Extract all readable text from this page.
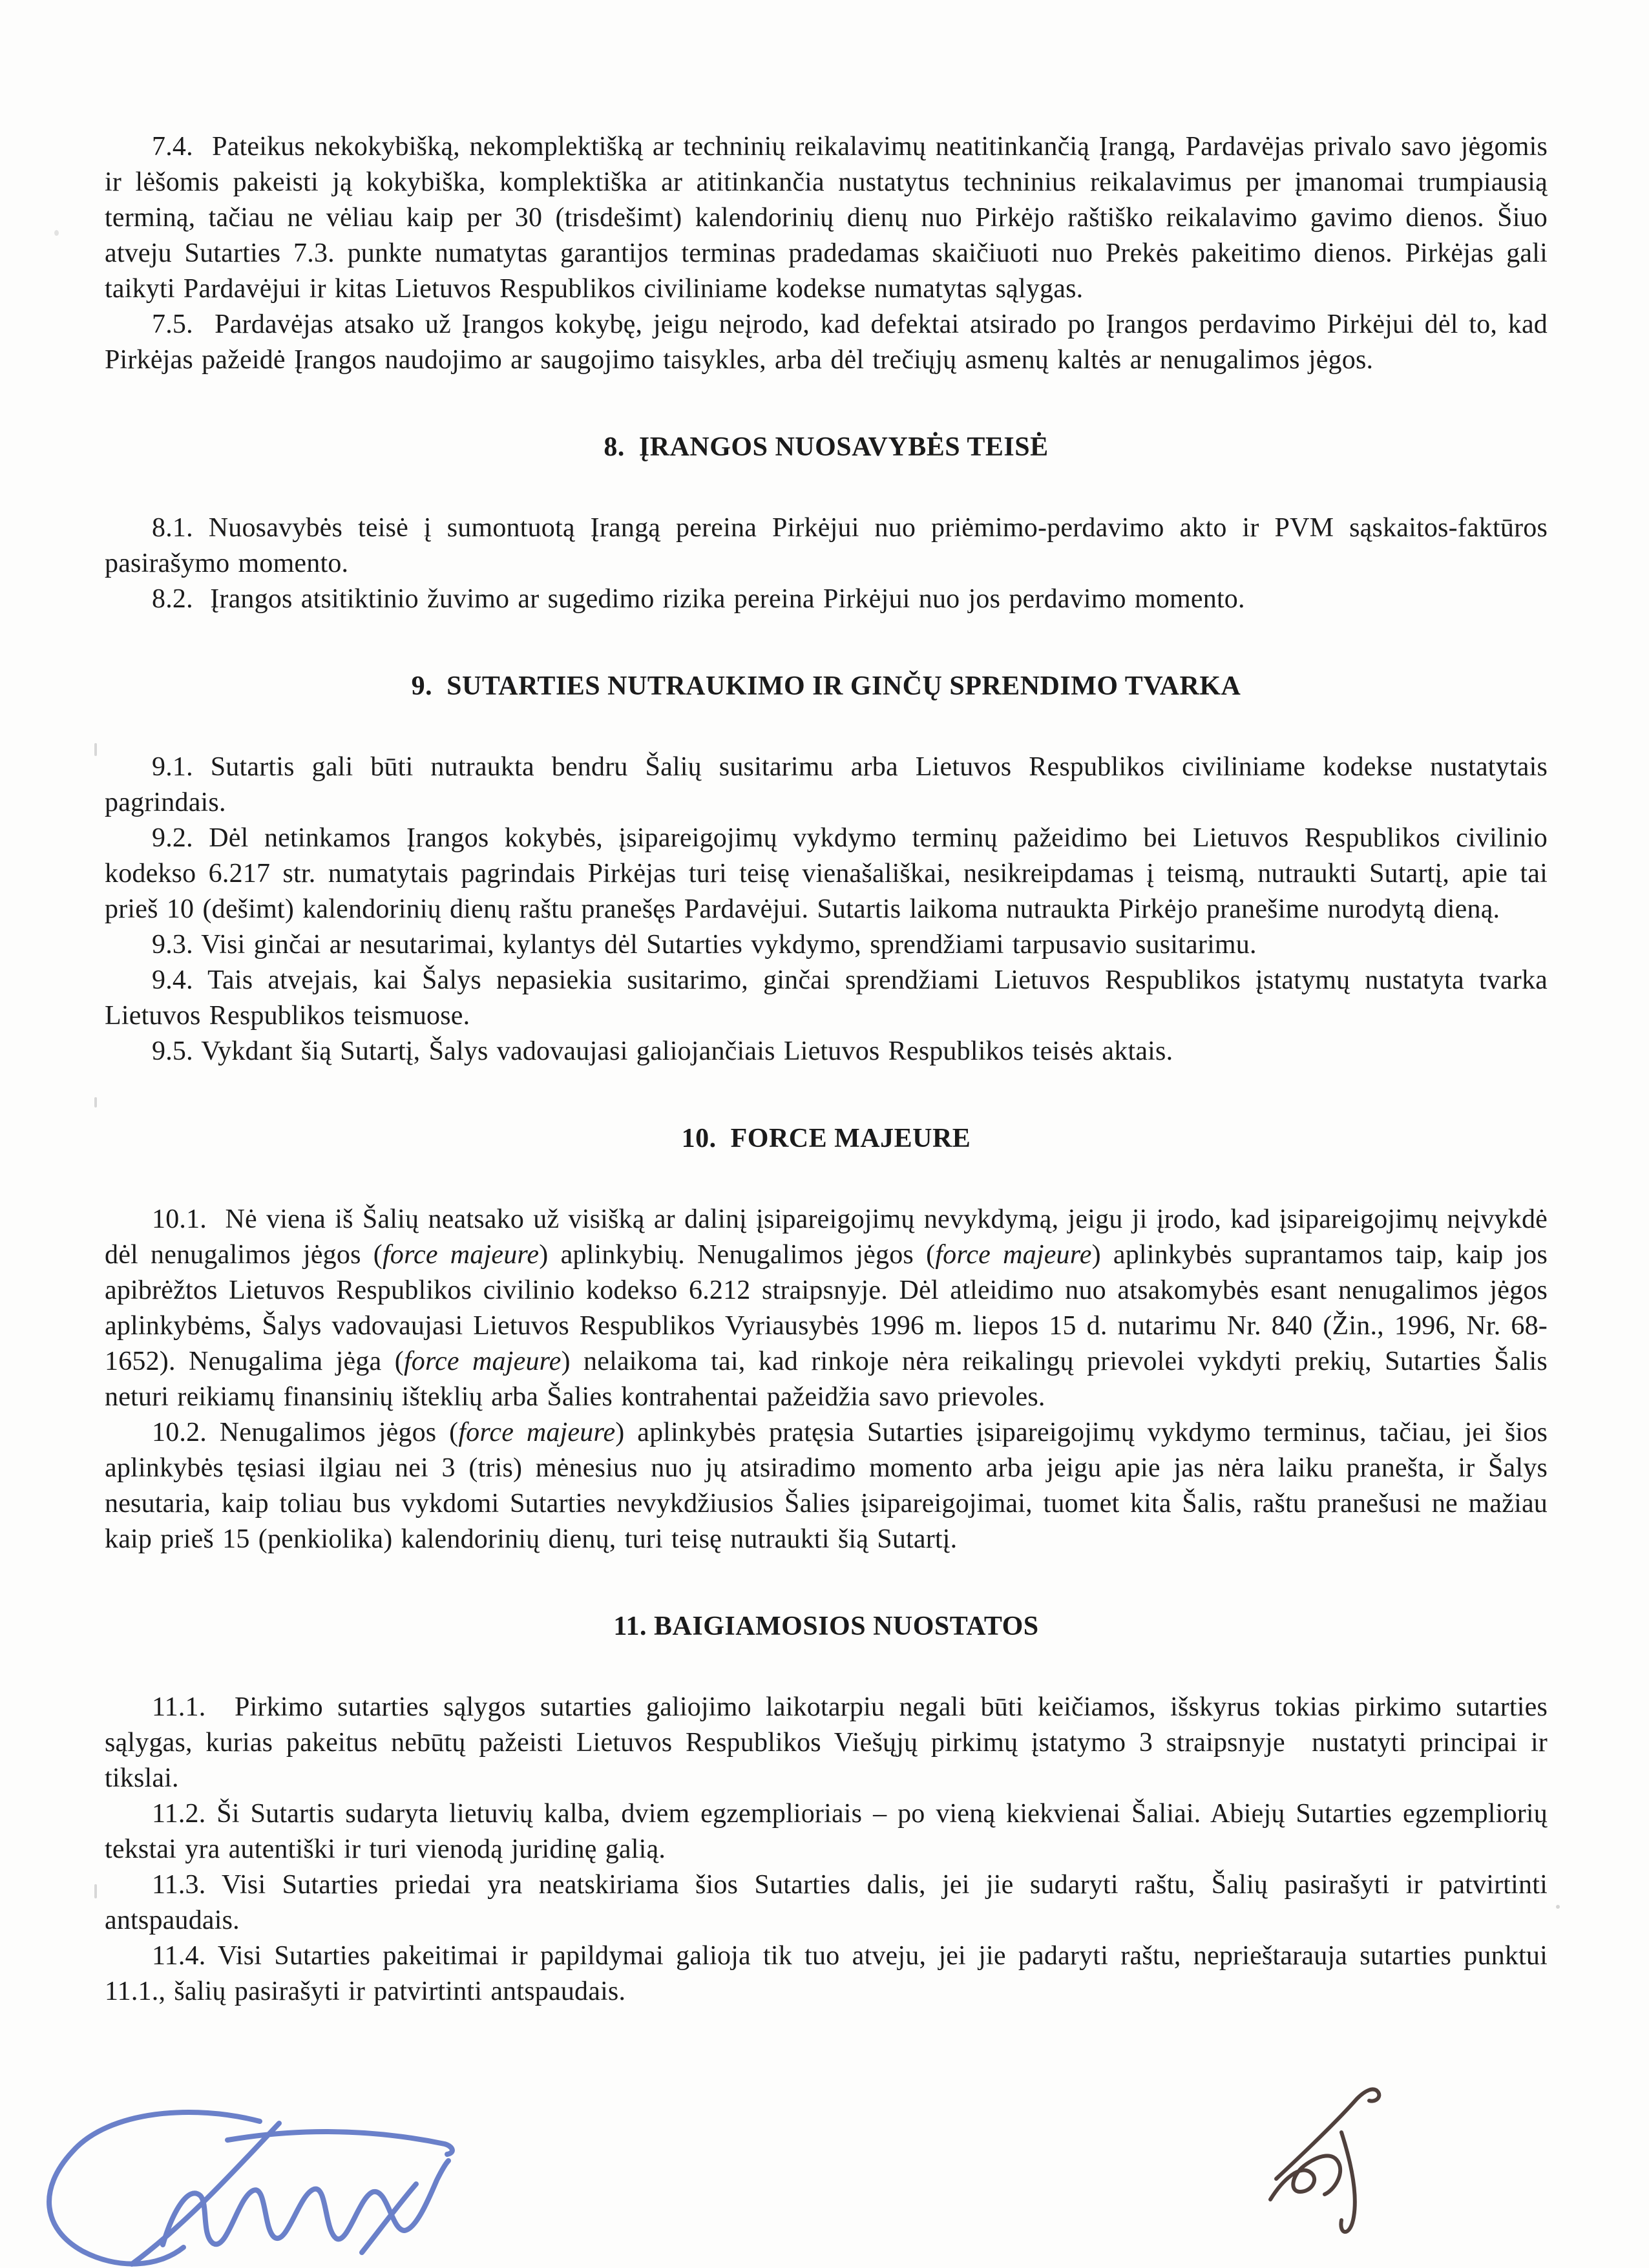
7.4.  Pateikus nekokybišką, nekomplektišką ar techninių reikalavimų neatitinkančią Įrangą, Pardavėjas privalo savo jėgomis ir lėšomis pakeisti ją kokybiška, komplektiška ar atitinkančia nustatytus techninius reikalavimus per įmanomai trumpiausią terminą, tačiau ne vėliau kaip per 30 (trisdešimt) kalendorinių dienų nuo Pirkėjo raštiško reikalavimo gavimo dienos. Šiuo atveju Sutarties 7.3. punkte numatytas garantijos terminas pradedamas skaičiuoti nuo Prekės pakeitimo dienos. Pirkėjas gali taikyti Pardavėjui ir kitas Lietuvos Respublikos civiliniame kodekse numatytas sąlygas.

7.5.  Pardavėjas atsako už Įrangos kokybę, jeigu neįrodo, kad defektai atsirado po Įrangos perdavimo Pirkėjui dėl to, kad Pirkėjas pažeidė Įrangos naudojimo ar saugojimo taisykles, arba dėl trečiųjų asmenų kaltės ar nenugalimos jėgos.

8.  ĮRANGOS NUOSAVYBĖS TEISĖ

8.1. Nuosavybės teisė į sumontuotą Įrangą pereina Pirkėjui nuo priėmimo-perdavimo akto ir PVM sąskaitos-faktūros pasirašymo momento.

8.2.  Įrangos atsitiktinio žuvimo ar sugedimo rizika pereina Pirkėjui nuo jos perdavimo momento.

9.  SUTARTIES NUTRAUKIMO IR GINČŲ SPRENDIMO TVARKA

9.1. Sutartis gali būti nutraukta bendru Šalių susitarimu arba Lietuvos Respublikos civiliniame kodekse nustatytais pagrindais.

9.2. Dėl netinkamos Įrangos kokybės, įsipareigojimų vykdymo terminų pažeidimo bei Lietuvos Respublikos civilinio kodekso 6.217 str. numatytais pagrindais Pirkėjas turi teisę vienašališkai, nesikreipdamas į teismą, nutraukti Sutartį, apie tai prieš 10 (dešimt) kalendorinių dienų raštu pranešęs Pardavėjui. Sutartis laikoma nutraukta Pirkėjo pranešime nurodytą dieną.

9.3. Visi ginčai ar nesutarimai, kylantys dėl Sutarties vykdymo, sprendžiami tarpusavio susitarimu.

9.4. Tais atvejais, kai Šalys nepasiekia susitarimo, ginčai sprendžiami Lietuvos Respublikos įstatymų nustatyta tvarka Lietuvos Respublikos teismuose.

9.5. Vykdant šią Sutartį, Šalys vadovaujasi galiojančiais Lietuvos Respublikos teisės aktais.

10.  FORCE MAJEURE

10.1.  Nė viena iš Šalių neatsako už visišką ar dalinį įsipareigojimų nevykdymą, jeigu ji įrodo, kad įsipareigojimų neįvykdė dėl nenugalimos jėgos (force majeure) aplinkybių. Nenugalimos jėgos (force majeure) aplinkybės suprantamos taip, kaip jos apibrėžtos Lietuvos Respublikos civilinio kodekso 6.212 straipsnyje. Dėl atleidimo nuo atsakomybės esant nenugalimos jėgos aplinkybėms, Šalys vadovaujasi Lietuvos Respublikos Vyriausybės 1996 m. liepos 15 d. nutarimu Nr. 840 (Žin., 1996, Nr. 68-1652). Nenugalima jėga (force majeure) nelaikoma tai, kad rinkoje nėra reikalingų prievolei vykdyti prekių, Sutarties Šalis neturi reikiamų finansinių išteklių arba Šalies kontrahentai pažeidžia savo prievoles.

10.2. Nenugalimos jėgos (force majeure) aplinkybės pratęsia Sutarties įsipareigojimų vykdymo terminus, tačiau, jei šios aplinkybės tęsiasi ilgiau nei 3 (tris) mėnesius nuo jų atsiradimo momento arba jeigu apie jas nėra laiku pranešta, ir Šalys nesutaria, kaip toliau bus vykdomi Sutarties nevykdžiusios Šalies įsipareigojimai, tuomet kita Šalis, raštu pranešusi ne mažiau kaip prieš 15 (penkiolika) kalendorinių dienų, turi teisę nutraukti šią Sutartį.

11. BAIGIAMOSIOS NUOSTATOS

11.1.  Pirkimo sutarties sąlygos sutarties galiojimo laikotarpiu negali būti keičiamos, išskyrus tokias pirkimo sutarties sąlygas, kurias pakeitus nebūtų pažeisti Lietuvos Respublikos Viešųjų pirkimų įstatymo 3 straipsnyje  nustatyti principai ir tikslai.

11.2. Ši Sutartis sudaryta lietuvių kalba, dviem egzemplioriais – po vieną kiekvienai Šaliai. Abiejų Sutarties egzempliorių tekstai yra autentiški ir turi vienodą juridinę galią.

11.3. Visi Sutarties priedai yra neatskiriama šios Sutarties dalis, jei jie sudaryti raštu, Šalių pasirašyti ir patvirtinti antspaudais.

11.4. Visi Sutarties pakeitimai ir papildymai galioja tik tuo atveju, jei jie padaryti raštu, neprieštarauja sutarties punktui 11.1., šalių pasirašyti ir patvirtinti antspaudais.
